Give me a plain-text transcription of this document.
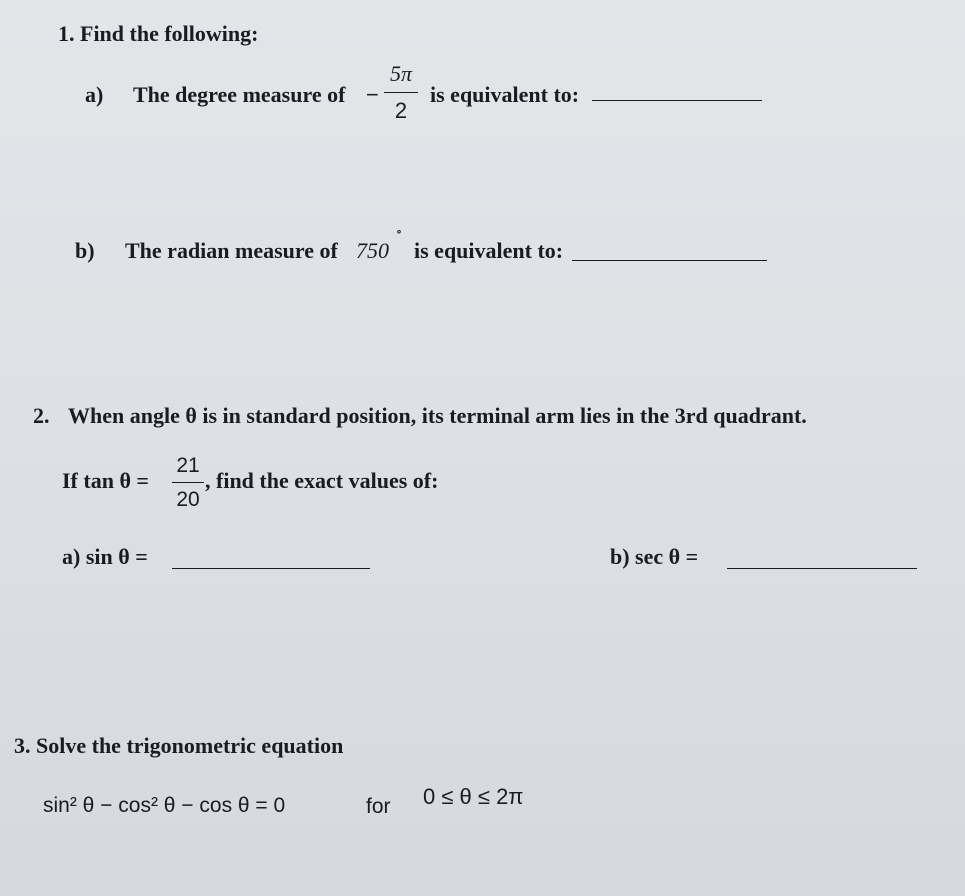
1. Find the following:
a) The degree measure of −
5π
2
is equivalent to:
b) The radian measure of 750
˚
is equivalent to:
2. When angle θ is in standard position, its terminal arm lies in the 3rd quadrant.
If tan θ =
21
20
, find the exact values of:
a) sin θ =	b) sec θ =
3. Solve the trigonometric equation
sin² θ − cos² θ − cos θ = 0	for 0 ≤ θ ≤ 2π
